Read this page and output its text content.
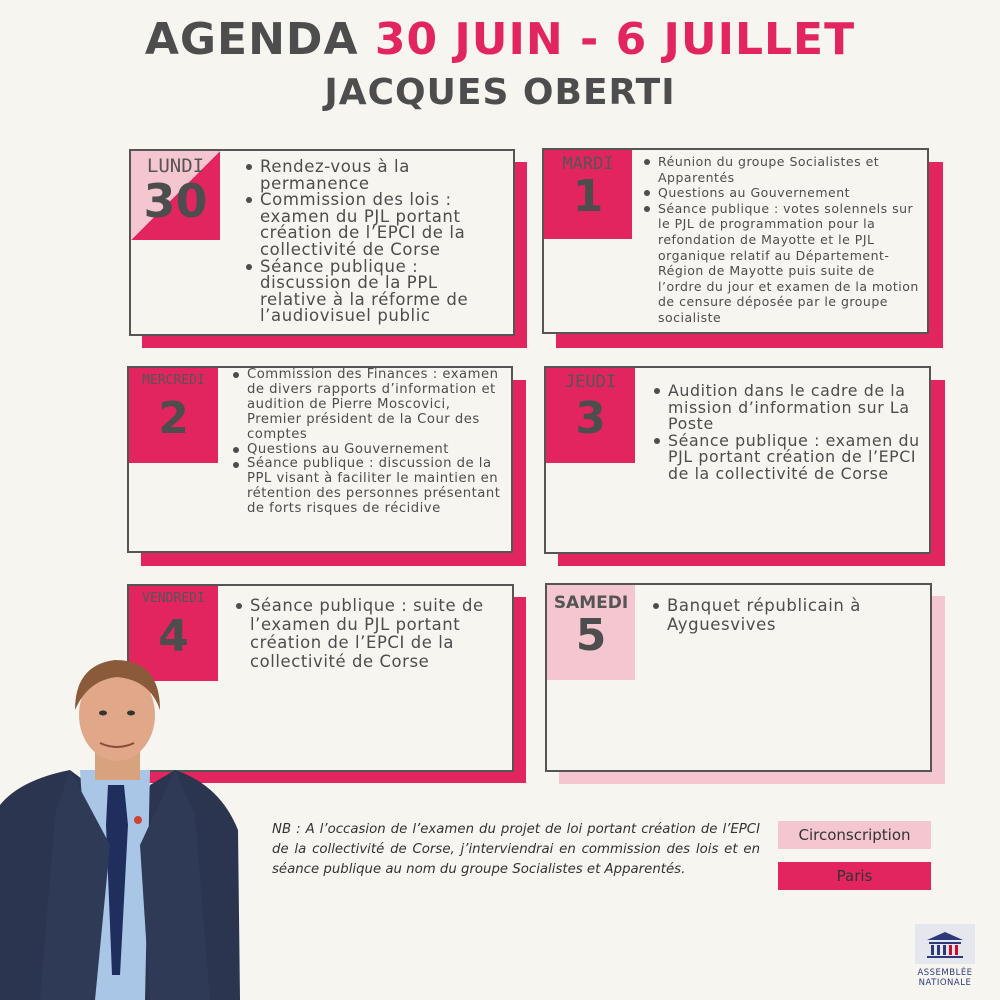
AGENDA 30 JUIN - 6 JUILLET
JACQUES OBERTI
LUNDI
30
Rendez-vous à la permanence
Commission des lois : examen du PJL portant création de l’EPCI de la collectivité de Corse
Séance publique : discussion de la PPL relative à la réforme de l’audiovisuel public
MARDI
1
Réunion du groupe Socialistes et Apparentés
Questions au Gouvernement
Séance publique : votes solennels sur le PJL de programmation pour la refondation de Mayotte et le PJL organique relatif au Département-Région de Mayotte puis suite de l’ordre du jour et examen de la motion de censure déposée par le groupe socialiste
MERCREDI
2
Commission des Finances : examen de divers rapports d’information et audition de Pierre Moscovici, Premier président de la Cour des comptes
Questions au Gouvernement
Séance publique : discussion de la PPL visant à faciliter le maintien en rétention des personnes présentant de forts risques de récidive
JEUDI
3
Audition dans le cadre de la mission d’information sur La Poste
Séance publique : examen du PJL portant création de l’EPCI de la collectivité de Corse
VENDREDI
4
Séance publique : suite de l’examen du PJL portant création de l’EPCI de la collectivité de Corse
SAMEDI
5
Banquet républicain à Ayguesvives
NB : A l’occasion de l’examen du projet de loi portant création de l’EPCI de la collectivité de Corse, j’interviendrai en commission des lois et en séance publique au nom du groupe Socialistes et Apparentés.
Circonscription
Paris
ASSEMBLÉE
NATIONALE
